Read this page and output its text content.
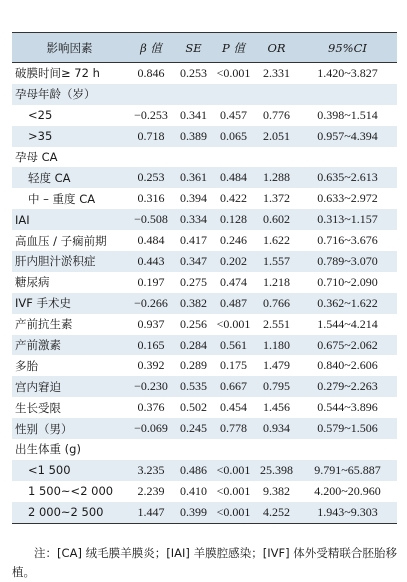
影响因素	β 值	SE	P 值	OR	95%CI
破膜时间≥ 72 h	0.846	0.253	<0.001	2.331	1.420~3.827
孕母年龄（岁）					
<25	−0.253	0.341	0.457	0.776	0.398~1.514
>35	0.718	0.389	0.065	2.051	0.957~4.394
孕母 CA					
轻度 CA	0.253	0.361	0.484	1.288	0.635~2.613
中 – 重度 CA	0.316	0.394	0.422	1.372	0.633~2.972
IAI	−0.508	0.334	0.128	0.602	0.313~1.157
高血压 / 子痫前期	0.484	0.417	0.246	1.622	0.716~3.676
肝内胆汁淤积症	0.443	0.347	0.202	1.557	0.789~3.070
糖尿病	0.197	0.275	0.474	1.218	0.710~2.090
IVF 手术史	−0.266	0.382	0.487	0.766	0.362~1.622
产前抗生素	0.937	0.256	<0.001	2.551	1.544~4.214
产前激素	0.165	0.284	0.561	1.180	0.675~2.062
多胎	0.392	0.289	0.175	1.479	0.840~2.606
宫内窘迫	−0.230	0.535	0.667	0.795	0.279~2.263
生长受限	0.376	0.502	0.454	1.456	0.544~3.896
性别（男）	−0.069	0.245	0.778	0.934	0.579~1.506
出生体重 (g)					
<1 500	3.235	0.486	<0.001	25.398	9.791~65.887
1 500~<2 000	2.239	0.410	<0.001	9.382	4.200~20.960
2 000~2 500	1.447	0.399	<0.001	4.252	1.943~9.303

注：[CA] 绒毛膜羊膜炎；[IAI] 羊膜腔感染；[IVF] 体外受精联合胚胎移植。
